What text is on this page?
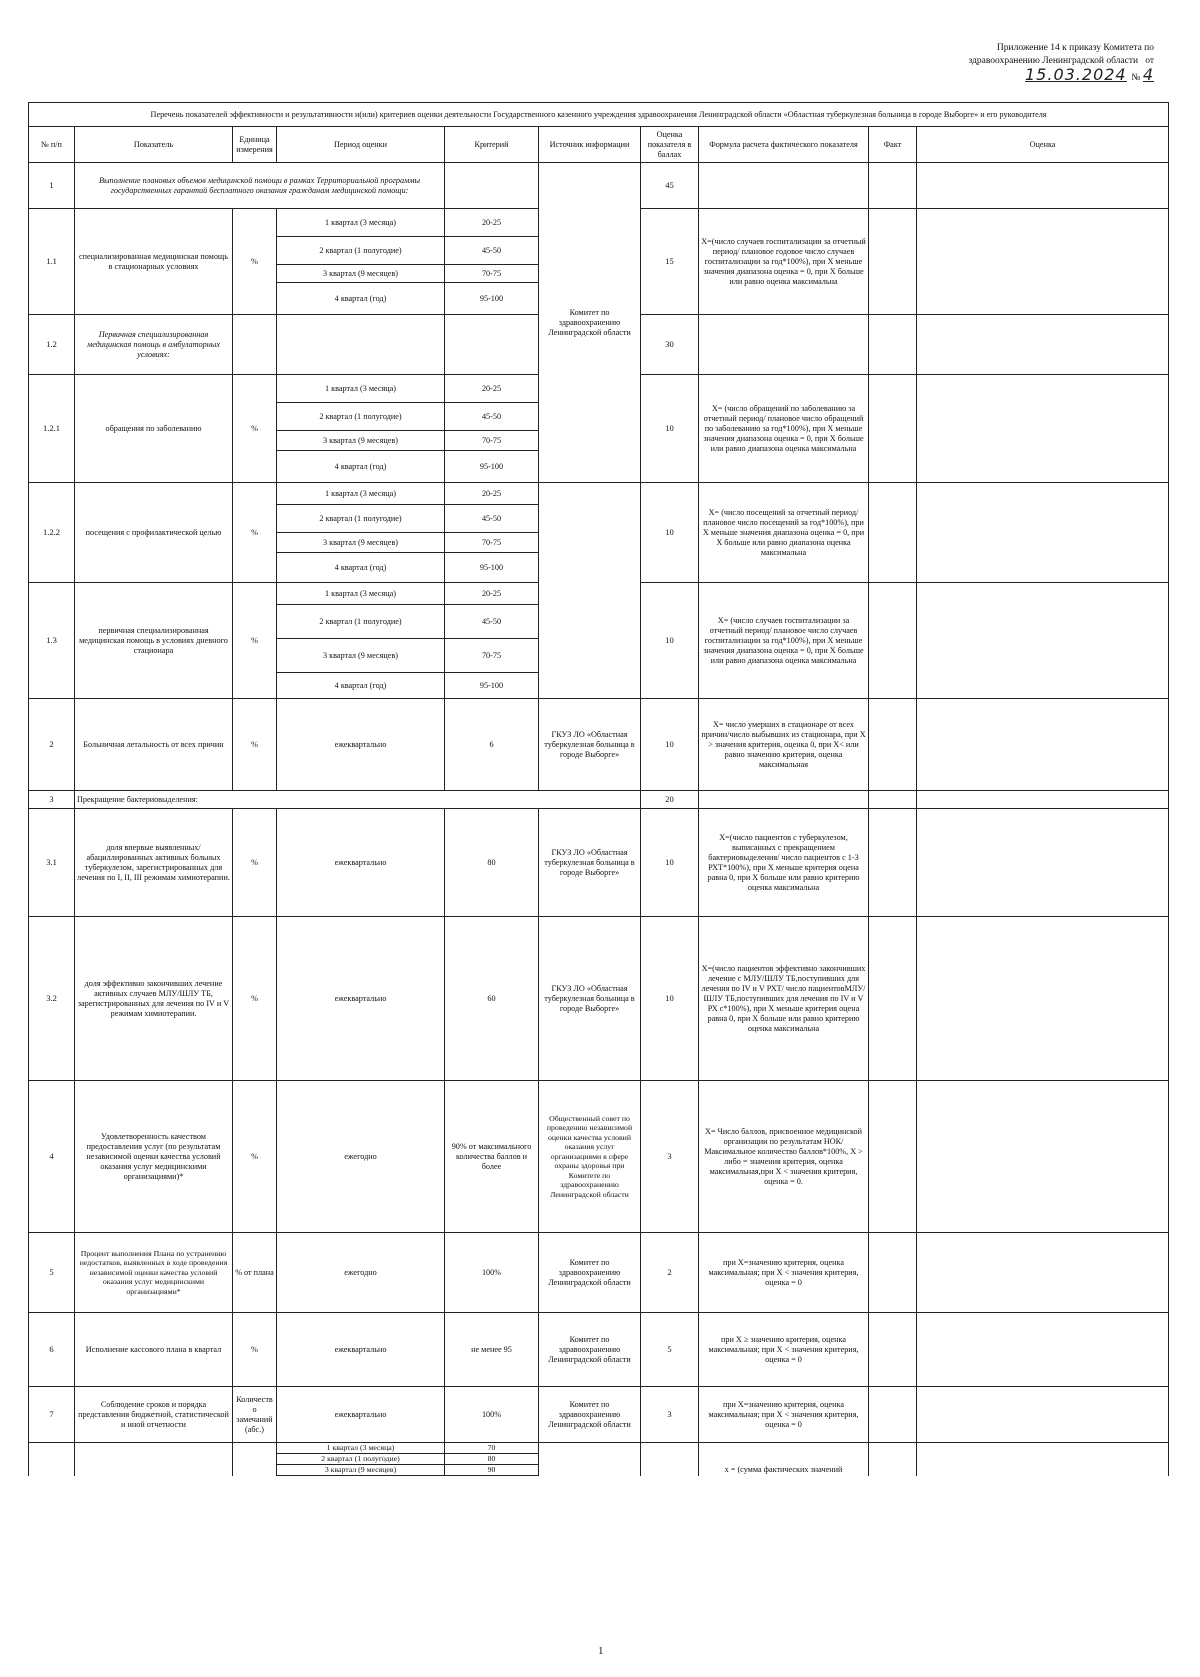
Приложение 14 к приказу Комитета по
здравоохранению Ленинградской области от
15.03.2024 № 4
Перечень показателей эффективности и результативности и(или) критериев оценки деятельности Государственного казенного учреждения здравоохранения Ленинградской области «Областная туберкулезная больница в городе Выборге» и его руководителя									
№ п/п	Показатель	Единица измерения	Период оценки	Критерий	Источник информации	Оценка показателя в баллах	Формула расчета фактического показателя	Факт	Оценка
1	Выполнение плановых объемов медицинской помощи в рамках Территориальной программы государственных гарантий бесплатного оказания гражданам медицинской помощи:				Комитет по здравоохранению Ленинградской области	45			
1.1	специализированная медицинская помощь в стационарных условиях	%	1 квартал (3 месяца)	20-25		15	X=(число случаев госпитализации за отчетный период/ плановое годовое число случаев госпитализации за год*100%), при X меньше значения диапазона оценка = 0, при X больше или равно оценка максимальна		
			2 квартал (1 полугодие)	45-50					
			3 квартал (9 месяцев)	70-75					
			4 квартал (год)	95-100					
1.2	Первичная специализированная медицинская помощь в амбулаторных условиях:					30			
1.2.1	обращения по заболеванию	%	1 квартал (3 месяца)	20-25		10	X= (число обращений по заболеванию за отчетный период/ плановое число обращений по заболеванию за год*100%), при X меньше значения диапазона оценка = 0, при X больше или равно диапазона оценка максимальна		
			2 квартал (1 полугодие)	45-50					
			3 квартал (9 месяцев)	70-75					
			4 квартал (год)	95-100					
1.2.2	посещения с профилактической целью	%	1 квартал (3 месяца)	20-25		10	X= (число посещений за отчетный период/ плановое число посещений за год*100%), при X меньше значения диапазона оценка = 0, при X больше или равно диапазона оценка максимальна		
			2 квартал (1 полугодие)	45-50					
			3 квартал (9 месяцев)	70-75					
			4 квартал (год)	95-100					
1.3	первичная специализированная медицинская помощь в условиях дневного стационара	%	1 квартал (3 месяца)	20-25		10	X= (число случаев госпитализации за отчетный период/ плановое число случаев госпитализации за год*100%), при X меньше значения диапазона оценка = 0, при X больше или равно диапазона оценка максимальна		
			2 квартал (1 полугодие)	45-50					
			3 квартал (9 месяцев)	70-75					
			4 квартал (год)	95-100					
2	Больничная летальность от всех причин	%	ежеквартально	6	ГКУЗ ЛО «Областная туберкулезная больница в городе Выборге»	10	X= число умерших в стационаре от всех причин/число выбывших из стационара, при X > значения критерия, оценка 0, при X< или равно значению критерия, оценка максимальная		
3	Прекращение бактериовыделения:					20			
3.1	доля впервые выявленных/абациллированных активных больных туберкулезом, зарегистрированных для лечения по I, II, III режимам химиотерапии.	%	ежеквартально	80	ГКУЗ ЛО «Областная туберкулезная больница в городе Выборге»	10	X=(число пациентов с туберкулезом, выписанных с прекращением бактериовыделения/ число пациентов с 1-3 РХТ*100%), при X меньше критерия оцена равна 0, при X больше или равно критерию оценка максимальна		
3.2	доля эффективно закончивших лечение активных случаев МЛУ/ШЛУ ТБ, зарегистрированных для лечения по IV и V режимам химиотерапии.	%	ежеквартально	60	ГКУЗ ЛО «Областная туберкулезная больница в городе Выборге»	10	X=(число пациентов эффективно закончивших лечение с МЛУ/ШЛУ ТБ,поступивших для лечения по IV и V РХТ/ число пациентовМЛУ/ШЛУ ТБ,поступивших для лечения по IV и V РХ с*100%), при X меньше критерия оцена равна 0, при X больше или равно критерию оценка максимальна		
4	Удовлетворенность качеством предоставления услуг (по результатам независимой оценки качества условий оказания услуг медицинскими организациями)*	%	ежегодно	90% от максимального количества баллов и более	Общественный совет по проведению независимой оценки качества условий оказания услуг организациями в сфере охраны здоровья при Комитете по здравоохранению Ленинградской области	3	X= Число баллов, присвоенное медицинской организации по результатам НОК/Максимальное количество баллов*100%, X > либо = значения критерия, оценка максимальная,при X < значения критерия, оценка = 0.		
5	Процент выполнения Плана по устранению недостатков, выявленных в ходе проведения независимой оценки качества условий оказания услуг медицинскими организациями*	% от плана	ежегодно	100%	Комитет по здравоохранению Ленинградской области	2	при X=значению критерия, оценка максимальная; при X < значения критерия, оценка = 0		
6	Исполнение кассового плана в квартал	%	ежеквартально	не менее 95	Комитет по здравоохранению Ленинградской области	5	при X ≥ значению критерия, оценка максимальная; при X < значения критерия, оценка = 0		
7	Соблюдение сроков и порядка представления бюджетной, статистической и иной отчетности	Количество замечаний (абс.)	ежеквартально	100%	Комитет по здравоохранению Ленинградской области	3	при X=значению критерия, оценка максимальная; при X < значения критерия, оценка = 0		
			1 квартал (3 месяца)	70			x = (сумма фактических значений		
			2 квартал (1 полугодие)	80					
			3 квартал (9 месяцев)	90					
1
